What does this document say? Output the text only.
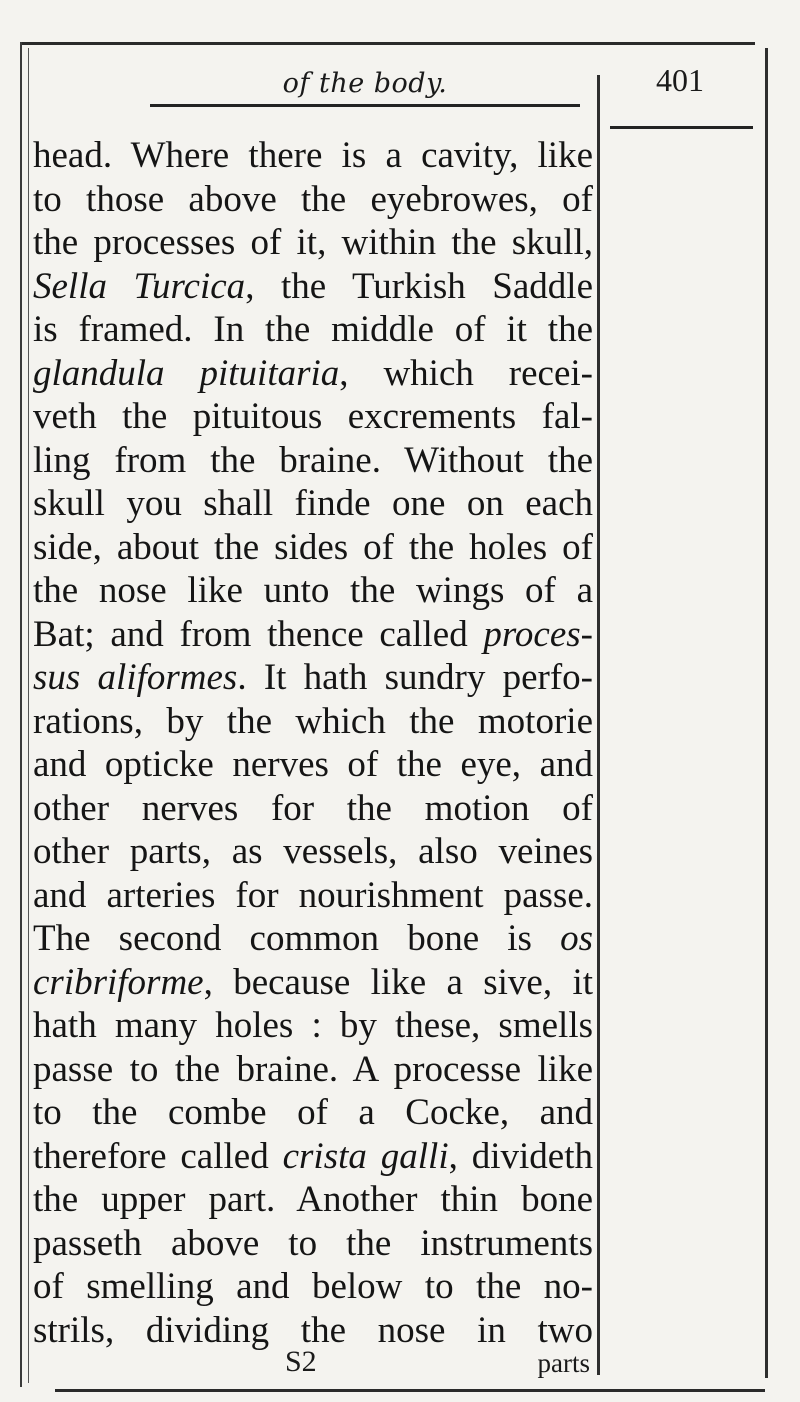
of the body.	401
head. Where there is a cavity, like
to those above the eyebrowes, of
the processes of it, within the skull,
Sella Turcica, the Turkish Saddle
is framed. In the middle of it the
glandula pituitaria, which recei-
veth the pituitous excrements fal-
ling from the braine. Without the
skull you shall finde one on each
side, about the sides of the holes of
the nose like unto the wings of a
Bat; and from thence called proces-
sus aliformes. It hath sundry perfo-
rations, by the which the motorie
and opticke nerves of the eye, and
other nerves for the motion of
other parts, as vessels, also veines
and arteries for nourishment passe.
The second common bone is os
cribriforme, because like a sive, it
hath many holes : by these, smells
passe to the braine. A processe like
to the combe of a Cocke, and
therefore called crista galli, divideth
the upper part. Another thin bone
passeth above to the instruments
of smelling and below to the no-
strils, dividing the nose in two
S2	parts
